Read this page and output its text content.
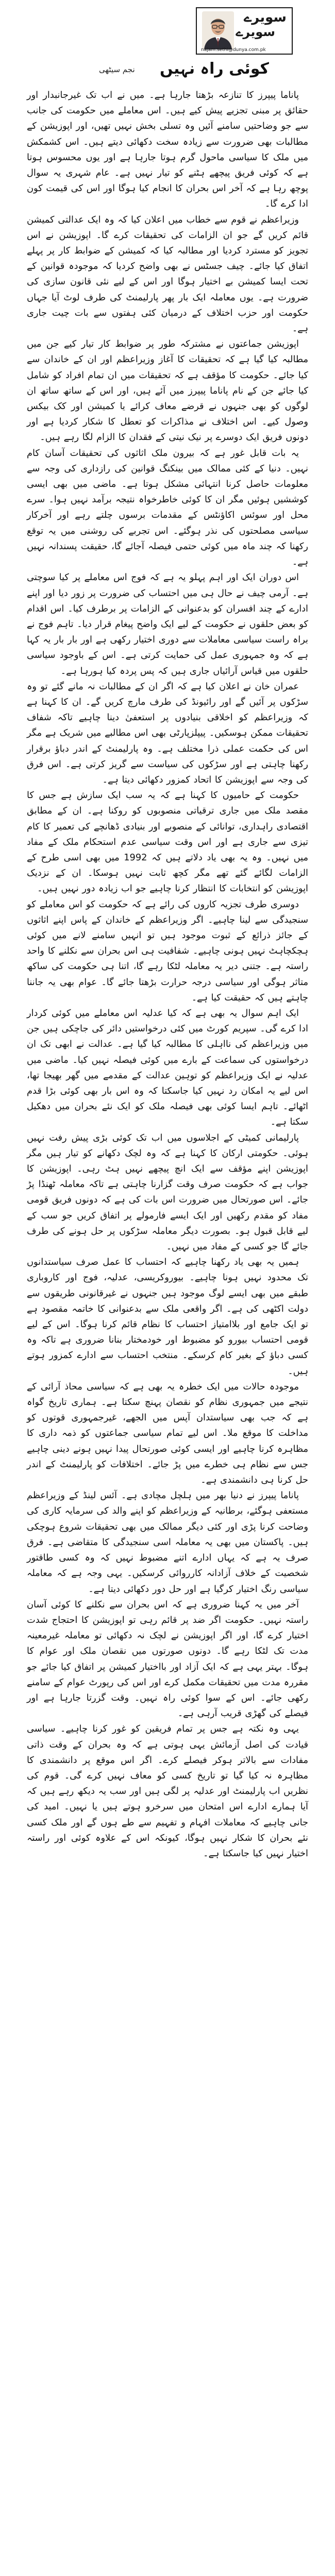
سویرے
سویرے
najam.sethi@dunya.com.pk
کوئی راہ نہیں
نجم سیٹھی

پاناما پیپرز کا تنازعہ بڑھتا جارہا ہے۔ میں نے اب تک غیرجانبدار اور حقائق پر مبنی تجزیے پیش کیے ہیں۔ اس معاملے میں حکومت کی جانب سے جو وضاحتیں سامنے آئیں وہ تسلی بخش نہیں تھیں، اور اپوزیشن کے مطالبات بھی ضرورت سے زیادہ سخت دکھائی دیتے ہیں۔ اس کشمکش میں ملک کا سیاسی ماحول گرم ہوتا جارہا ہے اور یوں محسوس ہوتا ہے کہ کوئی فریق پیچھے ہٹنے کو تیار نہیں ہے۔ عام شہری یہ سوال پوچھ رہا ہے کہ آخر اس بحران کا انجام کیا ہوگا اور اس کی قیمت کون ادا کرے گا۔

وزیراعظم نے قوم سے خطاب میں اعلان کیا کہ وہ ایک عدالتی کمیشن قائم کریں گے جو ان الزامات کی تحقیقات کرے گا۔ اپوزیشن نے اس تجویز کو مسترد کردیا اور مطالبہ کیا کہ کمیشن کے ضوابط کار پر پہلے اتفاق کیا جائے۔ چیف جسٹس نے بھی واضح کردیا کہ موجودہ قوانین کے تحت ایسا کمیشن بے اختیار ہوگا اور اس کے لیے نئی قانون سازی کی ضرورت ہے۔ یوں معاملہ ایک بار پھر پارلیمنٹ کی طرف لوٹ آیا جہاں حکومت اور حزب اختلاف کے درمیان کئی ہفتوں سے بات چیت جاری ہے۔

اپوزیشن جماعتوں نے مشترکہ طور پر ضوابط کار تیار کیے جن میں مطالبہ کیا گیا ہے کہ تحقیقات کا آغاز وزیراعظم اور ان کے خاندان سے کیا جائے۔ حکومت کا مؤقف ہے کہ تحقیقات میں ان تمام افراد کو شامل کیا جائے جن کے نام پاناما پیپرز میں آئے ہیں، اور اس کے ساتھ ساتھ ان لوگوں کو بھی جنہوں نے قرضے معاف کرائے یا کمیشن اور کک بیکس وصول کیے۔ اس اختلاف نے مذاکرات کو تعطل کا شکار کردیا ہے اور دونوں فریق ایک دوسرے پر نیک نیتی کے فقدان کا الزام لگا رہے ہیں۔

یہ بات قابل غور ہے کہ بیرون ملک اثاثوں کی تحقیقات آسان کام نہیں۔ دنیا کے کئی ممالک میں بینکنگ قوانین کی رازداری کی وجہ سے معلومات حاصل کرنا انتہائی مشکل ہوتا ہے۔ ماضی میں بھی ایسی کوششیں ہوئیں مگر ان کا کوئی خاطرخواہ نتیجہ برآمد نہیں ہوا۔ سرے محل اور سوئس اکاؤنٹس کے مقدمات برسوں چلتے رہے اور آخرکار سیاسی مصلحتوں کی نذر ہوگئے۔ اس تجربے کی روشنی میں یہ توقع رکھنا کہ چند ماہ میں کوئی حتمی فیصلہ آجائے گا، حقیقت پسندانہ نہیں ہے۔

اس دوران ایک اور اہم پہلو یہ ہے کہ فوج اس معاملے پر کیا سوچتی ہے۔ آرمی چیف نے حال ہی میں احتساب کی ضرورت پر زور دیا اور اپنے ادارے کے چند افسران کو بدعنوانی کے الزامات پر برطرف کیا۔ اس اقدام کو بعض حلقوں نے حکومت کے لیے ایک واضح پیغام قرار دیا۔ تاہم فوج نے براہ راست سیاسی معاملات سے دوری اختیار رکھی ہے اور بار بار یہ کہا ہے کہ وہ جمہوری عمل کی حمایت کرتی ہے۔ اس کے باوجود سیاسی حلقوں میں قیاس آرائیاں جاری ہیں کہ پس پردہ کیا ہورہا ہے۔

عمران خان نے اعلان کیا ہے کہ اگر ان کے مطالبات نہ مانے گئے تو وہ سڑکوں پر آئیں گے اور رائیونڈ کی طرف مارچ کریں گے۔ ان کا کہنا ہے کہ وزیراعظم کو اخلاقی بنیادوں پر استعفیٰ دینا چاہیے تاکہ شفاف تحقیقات ممکن ہوسکیں۔ پیپلزپارٹی بھی اس مطالبے میں شریک ہے مگر اس کی حکمت عملی ذرا مختلف ہے۔ وہ پارلیمنٹ کے اندر دباؤ برقرار رکھنا چاہتی ہے اور سڑکوں کی سیاست سے گریز کرتی ہے۔ اس فرق کی وجہ سے اپوزیشن کا اتحاد کمزور دکھائی دیتا ہے۔

حکومت کے حامیوں کا کہنا ہے کہ یہ سب ایک سازش ہے جس کا مقصد ملک میں جاری ترقیاتی منصوبوں کو روکنا ہے۔ ان کے مطابق اقتصادی راہداری، توانائی کے منصوبے اور بنیادی ڈھانچے کی تعمیر کا کام تیزی سے جاری ہے اور اس وقت سیاسی عدم استحکام ملک کے مفاد میں نہیں۔ وہ یہ بھی یاد دلاتے ہیں کہ 1992 میں بھی اسی طرح کے الزامات لگائے گئے تھے مگر کچھ ثابت نہیں ہوسکا۔ ان کے نزدیک اپوزیشن کو انتخابات کا انتظار کرنا چاہیے جو اب زیادہ دور نہیں ہیں۔

دوسری طرف تجزیہ کاروں کی رائے ہے کہ حکومت کو اس معاملے کو سنجیدگی سے لینا چاہیے۔ اگر وزیراعظم کے خاندان کے پاس اپنے اثاثوں کے جائز ذرائع کے ثبوت موجود ہیں تو انہیں سامنے لانے میں کوئی ہچکچاہٹ نہیں ہونی چاہیے۔ شفافیت ہی اس بحران سے نکلنے کا واحد راستہ ہے۔ جتنی دیر یہ معاملہ لٹکا رہے گا، اتنا ہی حکومت کی ساکھ متاثر ہوگی اور سیاسی درجہ حرارت بڑھتا جائے گا۔ عوام بھی یہ جاننا چاہتے ہیں کہ حقیقت کیا ہے۔

ایک اہم سوال یہ بھی ہے کہ کیا عدلیہ اس معاملے میں کوئی کردار ادا کرے گی۔ سپریم کورٹ میں کئی درخواستیں دائر کی جاچکی ہیں جن میں وزیراعظم کی نااہلی کا مطالبہ کیا گیا ہے۔ عدالت نے ابھی تک ان درخواستوں کی سماعت کے بارے میں کوئی فیصلہ نہیں کیا۔ ماضی میں عدلیہ نے ایک وزیراعظم کو توہین عدالت کے مقدمے میں گھر بھیجا تھا، اس لیے یہ امکان رد نہیں کیا جاسکتا کہ وہ اس بار بھی کوئی بڑا قدم اٹھائے۔ تاہم ایسا کوئی بھی فیصلہ ملک کو ایک نئے بحران میں دھکیل سکتا ہے۔

پارلیمانی کمیٹی کے اجلاسوں میں اب تک کوئی بڑی پیش رفت نہیں ہوئی۔ حکومتی ارکان کا کہنا ہے کہ وہ لچک دکھانے کو تیار ہیں مگر اپوزیشن اپنے مؤقف سے ایک انچ پیچھے نہیں ہٹ رہی۔ اپوزیشن کا جواب ہے کہ حکومت صرف وقت گزارنا چاہتی ہے تاکہ معاملہ ٹھنڈا پڑ جائے۔ اس صورتحال میں ضرورت اس بات کی ہے کہ دونوں فریق قومی مفاد کو مقدم رکھیں اور ایک ایسے فارمولے پر اتفاق کریں جو سب کے لیے قابل قبول ہو۔ بصورت دیگر معاملہ سڑکوں پر حل ہونے کی طرف جائے گا جو کسی کے مفاد میں نہیں۔

ہمیں یہ بھی یاد رکھنا چاہیے کہ احتساب کا عمل صرف سیاستدانوں تک محدود نہیں ہونا چاہیے۔ بیوروکریسی، عدلیہ، فوج اور کاروباری طبقے میں بھی ایسے لوگ موجود ہیں جنہوں نے غیرقانونی طریقوں سے دولت اکٹھی کی ہے۔ اگر واقعی ملک سے بدعنوانی کا خاتمہ مقصود ہے تو ایک جامع اور بلاامتیاز احتساب کا نظام قائم کرنا ہوگا۔ اس کے لیے قومی احتساب بیورو کو مضبوط اور خودمختار بنانا ضروری ہے تاکہ وہ کسی دباؤ کے بغیر کام کرسکے۔ منتخب احتساب سے ادارے کمزور ہوتے ہیں۔

موجودہ حالات میں ایک خطرہ یہ بھی ہے کہ سیاسی محاذ آرائی کے نتیجے میں جمہوری نظام کو نقصان پہنچ سکتا ہے۔ ہماری تاریخ گواہ ہے کہ جب بھی سیاستدان آپس میں الجھے، غیرجمہوری قوتوں کو مداخلت کا موقع ملا۔ اس لیے تمام سیاسی جماعتوں کو ذمہ داری کا مظاہرہ کرنا چاہیے اور ایسی کوئی صورتحال پیدا نہیں ہونے دینی چاہیے جس سے نظام ہی خطرے میں پڑ جائے۔ اختلافات کو پارلیمنٹ کے اندر حل کرنا ہی دانشمندی ہے۔

پاناما پیپرز نے دنیا بھر میں ہلچل مچادی ہے۔ آئس لینڈ کے وزیراعظم مستعفی ہوگئے، برطانیہ کے وزیراعظم کو اپنے والد کی سرمایہ کاری کی وضاحت کرنا پڑی اور کئی دیگر ممالک میں بھی تحقیقات شروع ہوچکی ہیں۔ پاکستان میں بھی یہ معاملہ اسی سنجیدگی کا متقاضی ہے۔ فرق صرف یہ ہے کہ یہاں ادارے اتنے مضبوط نہیں کہ وہ کسی طاقتور شخصیت کے خلاف آزادانہ کارروائی کرسکیں۔ یہی وجہ ہے کہ معاملہ سیاسی رنگ اختیار کرگیا ہے اور حل دور دکھائی دیتا ہے۔

آخر میں یہ کہنا ضروری ہے کہ اس بحران سے نکلنے کا کوئی آسان راستہ نہیں۔ حکومت اگر ضد پر قائم رہی تو اپوزیشن کا احتجاج شدت اختیار کرے گا، اور اگر اپوزیشن نے لچک نہ دکھائی تو معاملہ غیرمعینہ مدت تک لٹکا رہے گا۔ دونوں صورتوں میں نقصان ملک اور عوام کا ہوگا۔ بہتر یہی ہے کہ ایک آزاد اور بااختیار کمیشن پر اتفاق کیا جائے جو مقررہ مدت میں تحقیقات مکمل کرے اور اس کی رپورٹ عوام کے سامنے رکھی جائے۔ اس کے سوا کوئی راہ نہیں۔ وقت گزرتا جارہا ہے اور فیصلے کی گھڑی قریب آرہی ہے۔

یہی وہ نکتہ ہے جس پر تمام فریقین کو غور کرنا چاہیے۔ سیاسی قیادت کی اصل آزمائش یہی ہوتی ہے کہ وہ بحران کے وقت ذاتی مفادات سے بالاتر ہوکر فیصلے کرے۔ اگر اس موقع پر دانشمندی کا مظاہرہ نہ کیا گیا تو تاریخ کسی کو معاف نہیں کرے گی۔ قوم کی نظریں اب پارلیمنٹ اور عدلیہ پر لگی ہیں اور سب یہ دیکھ رہے ہیں کہ آیا ہمارے ادارے اس امتحان میں سرخرو ہوتے ہیں یا نہیں۔ امید کی جانی چاہیے کہ معاملات افہام و تفہیم سے طے ہوں گے اور ملک کسی نئے بحران کا شکار نہیں ہوگا، کیونکہ اس کے علاوہ کوئی اور راستہ اختیار نہیں کیا جاسکتا ہے۔
